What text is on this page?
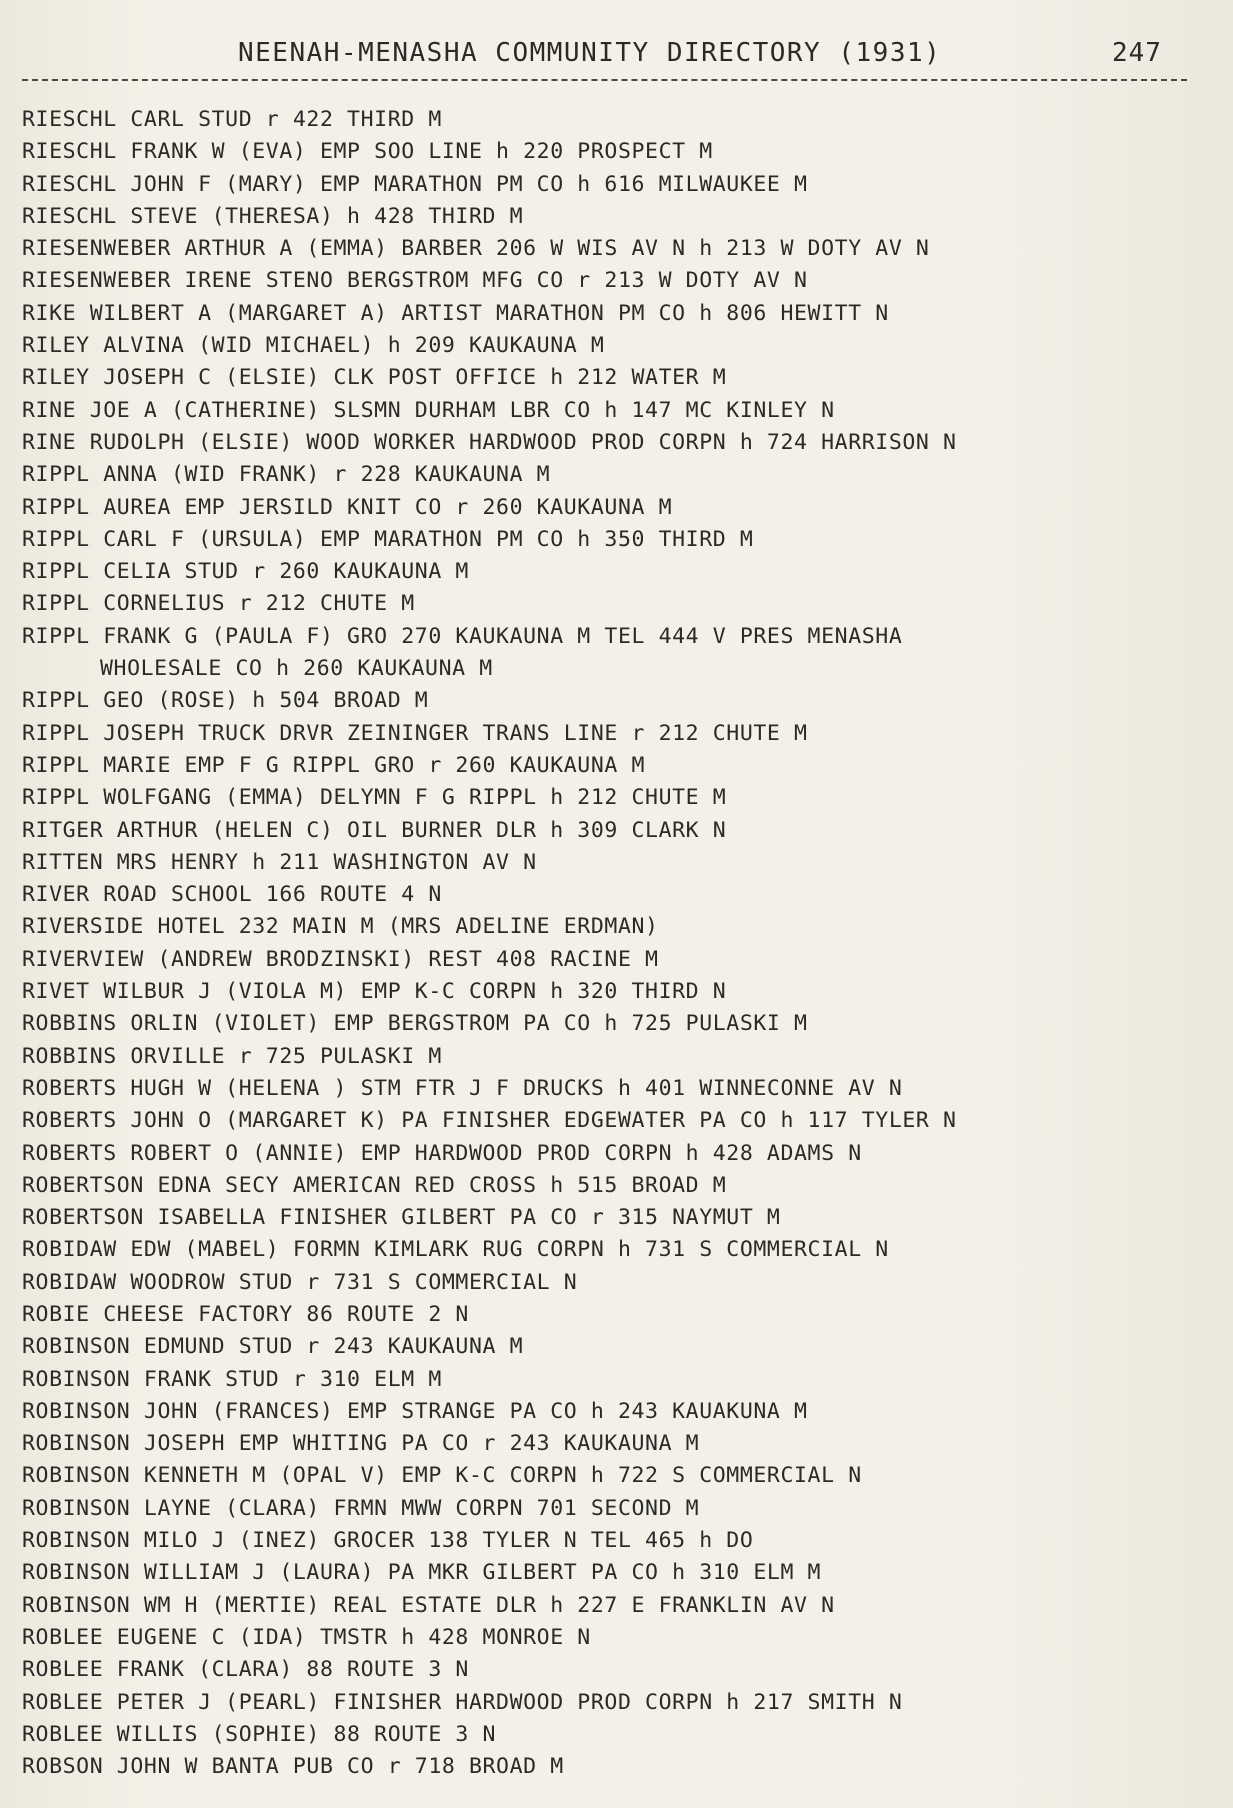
NEENAH-MENASHA COMMUNITY DIRECTORY (1931)	247
RIESCHL CARL STUD r 422 THIRD M
RIESCHL FRANK W (EVA) EMP SOO LINE h 220 PROSPECT M
RIESCHL JOHN F (MARY) EMP MARATHON PM CO h 616 MILWAUKEE M
RIESCHL STEVE (THERESA) h 428 THIRD M
RIESENWEBER ARTHUR A (EMMA) BARBER 206 W WIS AV N h 213 W DOTY AV N
RIESENWEBER IRENE STENO BERGSTROM MFG CO r 213 W DOTY AV N
RIKE WILBERT A (MARGARET A) ARTIST MARATHON PM CO h 806 HEWITT N
RILEY ALVINA (WID MICHAEL) h 209 KAUKAUNA M
RILEY JOSEPH C (ELSIE) CLK POST OFFICE h 212 WATER M
RINE JOE A (CATHERINE) SLSMN DURHAM LBR CO h 147 MC KINLEY N
RINE RUDOLPH (ELSIE) WOOD WORKER HARDWOOD PROD CORPN h 724 HARRISON N
RIPPL ANNA (WID FRANK) r 228 KAUKAUNA M
RIPPL AUREA EMP JERSILD KNIT CO r 260 KAUKAUNA M
RIPPL CARL F (URSULA) EMP MARATHON PM CO h 350 THIRD M
RIPPL CELIA STUD r 260 KAUKAUNA M
RIPPL CORNELIUS r 212 CHUTE M
RIPPL FRANK G (PAULA F) GRO 270 KAUKAUNA M TEL 444 V PRES MENASHA
WHOLESALE CO h 260 KAUKAUNA M
RIPPL GEO (ROSE) h 504 BROAD M
RIPPL JOSEPH TRUCK DRVR ZEININGER TRANS LINE r 212 CHUTE M
RIPPL MARIE EMP F G RIPPL GRO r 260 KAUKAUNA M
RIPPL WOLFGANG (EMMA) DELYMN F G RIPPL h 212 CHUTE M
RITGER ARTHUR (HELEN C) OIL BURNER DLR h 309 CLARK N
RITTEN MRS HENRY h 211 WASHINGTON AV N
RIVER ROAD SCHOOL 166 ROUTE 4 N
RIVERSIDE HOTEL 232 MAIN M (MRS ADELINE ERDMAN)
RIVERVIEW (ANDREW BRODZINSKI) REST 408 RACINE M
RIVET WILBUR J (VIOLA M) EMP K-C CORPN h 320 THIRD N
ROBBINS ORLIN (VIOLET) EMP BERGSTROM PA CO h 725 PULASKI M
ROBBINS ORVILLE r 725 PULASKI M
ROBERTS HUGH W (HELENA ) STM FTR J F DRUCKS h 401 WINNECONNE AV N
ROBERTS JOHN O (MARGARET K) PA FINISHER EDGEWATER PA CO h 117 TYLER N
ROBERTS ROBERT O (ANNIE) EMP HARDWOOD PROD CORPN h 428 ADAMS N
ROBERTSON EDNA SECY AMERICAN RED CROSS h 515 BROAD M
ROBERTSON ISABELLA FINISHER GILBERT PA CO r 315 NAYMUT M
ROBIDAW EDW (MABEL) FORMN KIMLARK RUG CORPN h 731 S COMMERCIAL N
ROBIDAW WOODROW STUD r 731 S COMMERCIAL N
ROBIE CHEESE FACTORY 86 ROUTE 2 N
ROBINSON EDMUND STUD r 243 KAUKAUNA M
ROBINSON FRANK STUD r 310 ELM M
ROBINSON JOHN (FRANCES) EMP STRANGE PA CO h 243 KAUAKUNA M
ROBINSON JOSEPH EMP WHITING PA CO r 243 KAUKAUNA M
ROBINSON KENNETH M (OPAL V) EMP K-C CORPN h 722 S COMMERCIAL N
ROBINSON LAYNE (CLARA) FRMN MWW CORPN 701 SECOND M
ROBINSON MILO J (INEZ) GROCER 138 TYLER N TEL 465 h DO
ROBINSON WILLIAM J (LAURA) PA MKR GILBERT PA CO h 310 ELM M
ROBINSON WM H (MERTIE) REAL ESTATE DLR h 227 E FRANKLIN AV N
ROBLEE EUGENE C (IDA) TMSTR h 428 MONROE N
ROBLEE FRANK (CLARA) 88 ROUTE 3 N
ROBLEE PETER J (PEARL) FINISHER HARDWOOD PROD CORPN h 217 SMITH N
ROBLEE WILLIS (SOPHIE) 88 ROUTE 3 N
ROBSON JOHN W BANTA PUB CO r 718 BROAD M
